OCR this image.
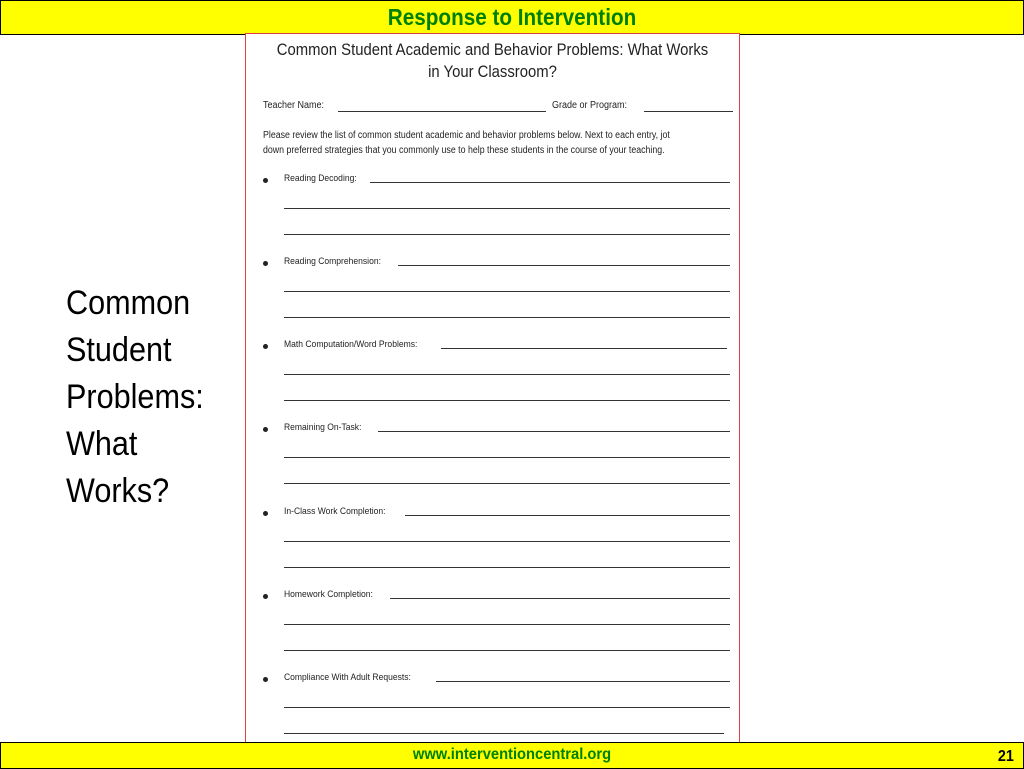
Response to Intervention
Common
Student
Problems:
What
Works?
Common Student Academic and Behavior Problems: What Works
in Your Classroom?
Teacher Name:	Grade or Program:
Please review the list of common student academic and behavior problems below. Next to each entry, jot
down preferred strategies that you commonly use to help these students in the course of your teaching.
Reading Decoding:
Reading Comprehension:
Math Computation/Word Problems:
Remaining On-Task:
In-Class Work Completion:
Homework Completion:
Compliance With Adult Requests:
www.interventioncentral.org	21
